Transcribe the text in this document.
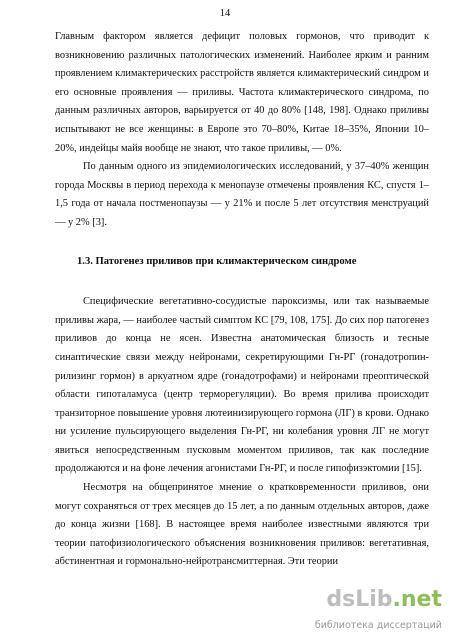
14

Главным фактором является дефицит половых гормонов, что приводит к возникновению различных патологических изменений. Наиболее ярким и ранним проявлением климактерических расстройств является климактерический синдром и его основные проявления — приливы. Частота климактерического синдрома, по данным различных авторов, варьируется от 40 до 80% [148, 198]. Однако приливы испытывают не все женщины: в Европе это 70–80%, Китае 18–35%, Японии 10–20%, индейцы майя вообще не знают, что такое приливы, — 0%.

По данным одного из эпидемиологических исследований, у 37–40% женщин города Москвы в период перехода к менопаузе отмечены проявления КС, спустя 1–1,5 года от начала постменопаузы — у 21% и после 5 лет отсутствия менструаций — у 2% [3].

1.3. Патогенез приливов при климактерическом синдроме

Специфические вегетативно-сосудистые пароксизмы, или так называемые приливы жара, — наиболее частый симптом КС [79, 108, 175]. До сих пор патогенез приливов до конца не ясен. Известна анатомическая близость и тесные синаптические связи между нейронами, секретирующими Гн-РГ (гонадотропин-рилизинг гормон) в аркуатном ядре (гонадотрофами) и нейронами преоптической области гипоталамуса (центр терморегуляции). Во время прилива происходит транзиторное повышение уровня лютеинизирующего гормона (ЛГ) в крови. Однако ни усиление пульсирующего выделения Гн-РГ, ни колебания уровня ЛГ не могут явиться непосредственным пусковым моментом приливов, так как последние продолжаются и на фоне лечения агонистами Гн-РГ, и после гипофизэктомии [15].

Несмотря на общепринятое мнение о кратковременности приливов, они могут сохраняться от трех месяцев до 15 лет, а по данным отдельных авторов, даже до конца жизни [168]. В настоящее время наиболее известными являются три теории патофизиологического объяснения возникновения приливов: вегетативная, абстинентная и гормонально-нейротрансмиттерная. Эти теории

dsLib.net
библиотека диссертаций
